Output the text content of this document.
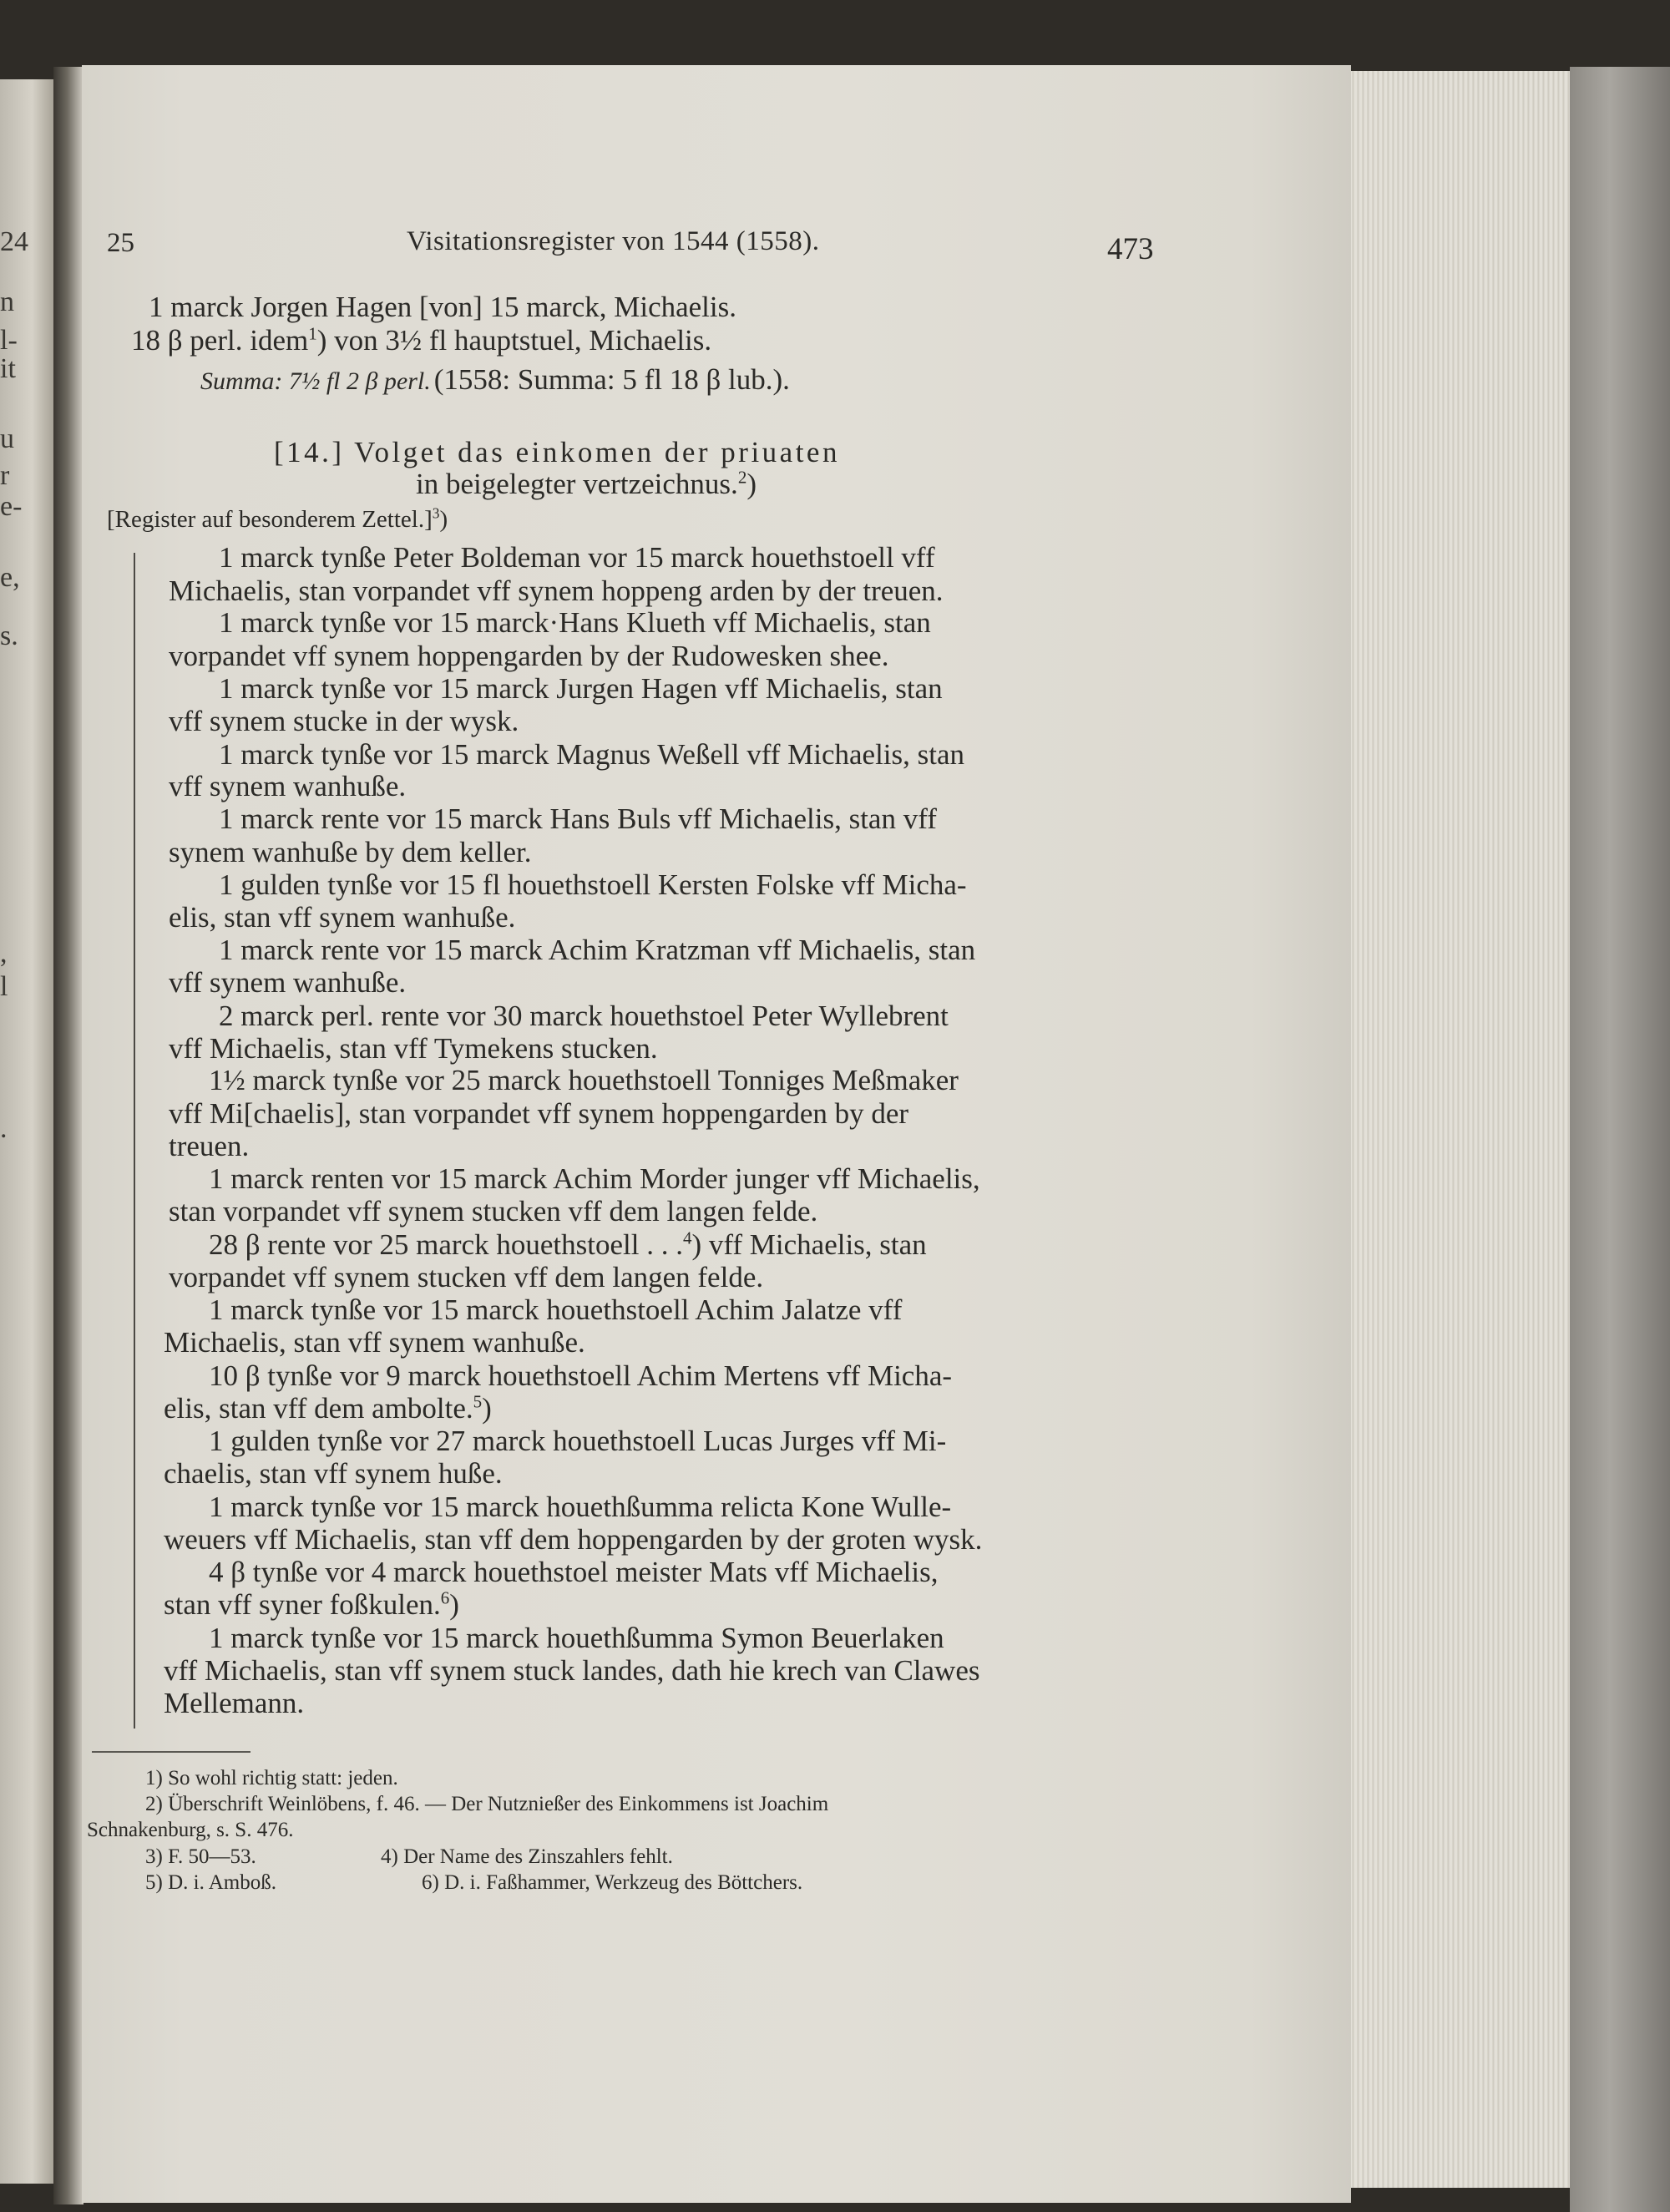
24
n
l-
it
u
r
e-
e,
s.
,
l
.
25	Visitationsregister von 1544 (1558).	473
1 marck Jorgen Hagen [von] 15 marck, Michaelis.
18 β perl. idem$^1$) von 3½ fl hauptstuel, Michaelis.
Summa: 7½ fl 2 β perl. (1558: Summa: 5 fl 18 β lub.).
[14.] Volget das einkomen der priuaten
in beigelegter vertzeichnus.$^2$)
[Register auf besonderem Zettel.]$^3$)
1 marck tynße Peter Boldeman vor 15 marck houethstoell vff
Michaelis, stan vorpandet vff synem hoppeng arden by der treuen.
1 marck tynße vor 15 marck·Hans Klueth vff Michaelis, stan
vorpandet vff synem hoppengarden by der Rudowesken shee.
1 marck tynße vor 15 marck Jurgen Hagen vff Michaelis, stan
vff synem stucke in der wysk.
1 marck tynße vor 15 marck Magnus Weßell vff Michaelis, stan
vff synem wanhuße.
1 marck rente vor 15 marck Hans Buls vff Michaelis, stan vff
synem wanhuße by dem keller.
1 gulden tynße vor 15 fl houethstoell Kersten Folske vff Micha-
elis, stan vff synem wanhuße.
1 marck rente vor 15 marck Achim Kratzman vff Michaelis, stan
vff synem wanhuße.
2 marck perl. rente vor 30 marck houethstoel Peter Wyllebrent
vff Michaelis, stan vff Tymekens stucken.
1½ marck tynße vor 25 marck houethstoell Tonniges Meßmaker
vff Mi[chaelis], stan vorpandet vff synem hoppengarden by der
treuen.
1 marck renten vor 15 marck Achim Morder junger vff Michaelis,
stan vorpandet vff synem stucken vff dem langen felde.
28 β rente vor 25 marck houethstoell . . .$^4$) vff Michaelis, stan
vorpandet vff synem stucken vff dem langen felde.
1 marck tynße vor 15 marck houethstoell Achim Jalatze vff
Michaelis, stan vff synem wanhuße.
10 β tynße vor 9 marck houethstoell Achim Mertens vff Micha-
elis, stan vff dem ambolte.$^5$)
1 gulden tynße vor 27 marck houethstoell Lucas Jurges vff Mi-
chaelis, stan vff synem huße.
1 marck tynße vor 15 marck houethßumma relicta Kone Wulle-
weuers vff Michaelis, stan vff dem hoppengarden by der groten wysk.
4 β tynße vor 4 marck houethstoel meister Mats vff Michaelis,
stan vff syner foßkulen.$^6$)
1 marck tynße vor 15 marck houethßumma Symon Beuerlaken
vff Michaelis, stan vff synem stuck landes, dath hie krech van Clawes
Mellemann.
1) So wohl richtig statt: jeden.
2) Überschrift Weinlöbens, f. 46. — Der Nutznießer des Einkommens ist Joachim
Schnakenburg, s. S. 476.
3) F. 50—53.	4) Der Name des Zinszahlers fehlt.
5) D. i. Amboß.	6) D. i. Faßhammer, Werkzeug des Böttchers.
